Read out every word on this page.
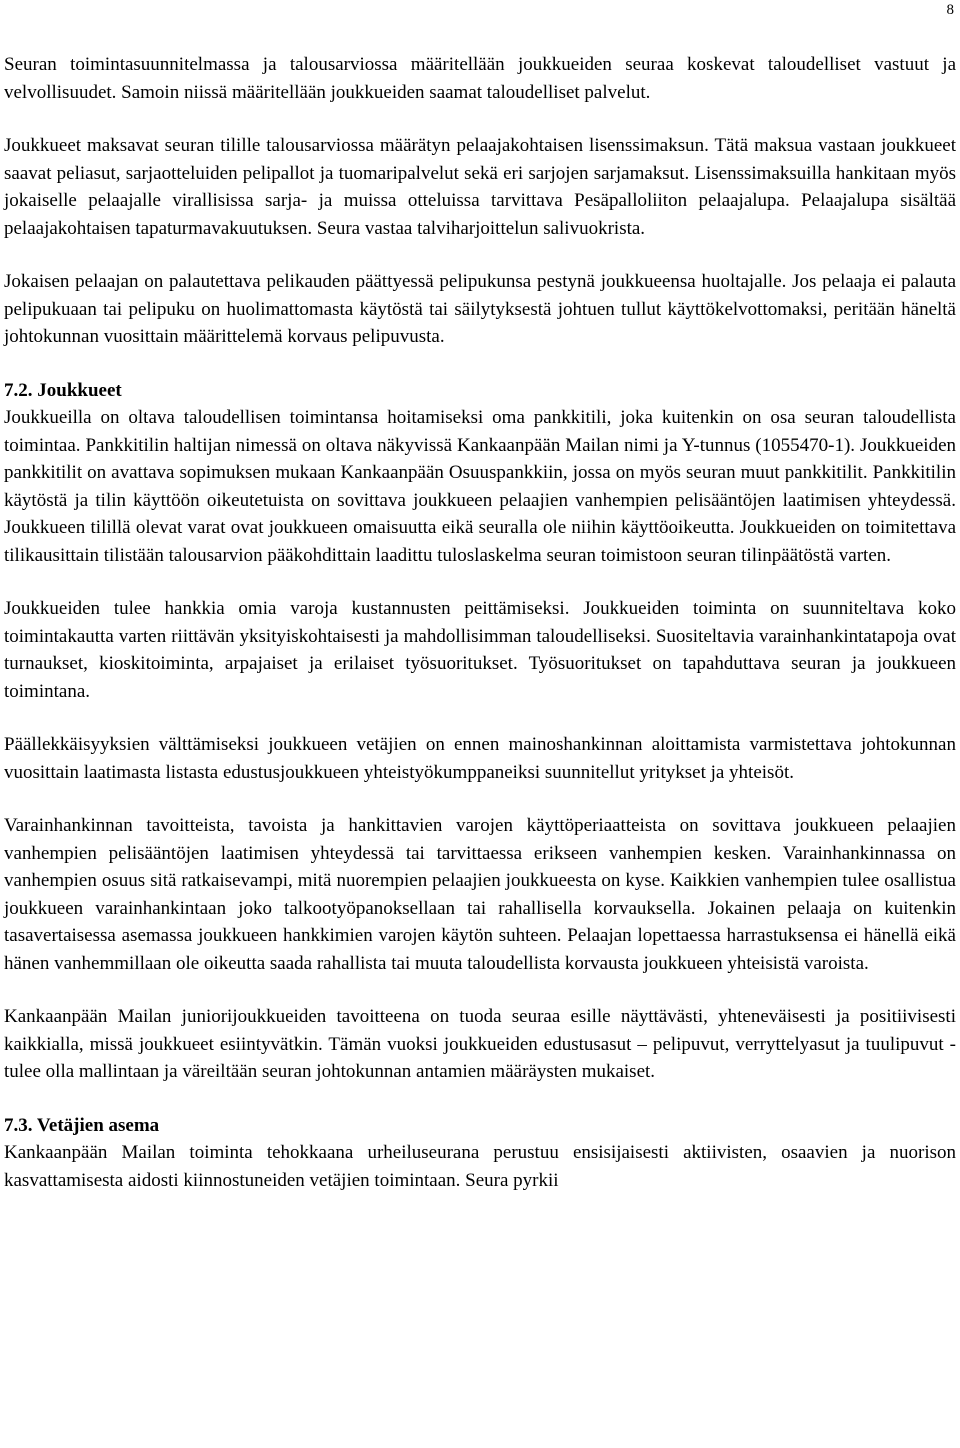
8

Seuran toimintasuunnitelmassa ja talousarviossa määritellään joukkueiden seuraa koskevat taloudelliset vastuut ja velvollisuudet. Samoin niissä määritellään joukkueiden saamat taloudelliset palvelut.

Joukkueet maksavat seuran tilille talousarviossa määrätyn pelaajakohtaisen lisenssimaksun. Tätä maksua vastaan joukkueet saavat peliasut, sarjaotteluiden pelipallot ja tuomaripalvelut sekä eri sarjojen sarjamaksut. Lisenssimaksuilla hankitaan myös jokaiselle pelaajalle virallisissa sarja- ja muissa otteluissa tarvittava Pesäpalloliiton pelaajalupa. Pelaajalupa sisältää pelaajakohtaisen tapaturmavakuutuksen. Seura vastaa talviharjoittelun salivuokrista.

Jokaisen pelaajan on palautettava pelikauden päättyessä pelipukunsa pestynä joukkueensa huoltajalle. Jos pelaaja ei palauta pelipukuaan tai pelipuku on huolimattomasta käytöstä tai säilytyksestä johtuen tullut käyttökelvottomaksi, peritään häneltä johtokunnan vuosittain määrittelemä korvaus pelipuvusta.

7.2. Joukkueet

Joukkueilla on oltava taloudellisen toimintansa hoitamiseksi oma pankkitili, joka kuitenkin on osa seuran taloudellista toimintaa. Pankkitilin haltijan nimessä on oltava näkyvissä Kankaanpään Mailan nimi ja Y-tunnus (1055470-1). Joukkueiden pankkitilit on avattava sopimuksen mukaan Kankaanpään Osuuspankkiin, jossa on myös seuran muut pankkitilit. Pankkitilin käytöstä ja tilin käyttöön oikeutetuista on sovittava joukkueen pelaajien vanhempien pelisääntöjen laatimisen yhteydessä. Joukkueen tilillä olevat varat ovat joukkueen omaisuutta eikä seuralla ole niihin käyttöoikeutta. Joukkueiden on toimitettava tilikausittain tilistään talousarvion pääkohdittain laadittu tuloslaskelma seuran toimistoon seuran tilinpäätöstä varten.

Joukkueiden tulee hankkia omia varoja kustannusten peittämiseksi. Joukkueiden toiminta on suunniteltava koko toimintakautta varten riittävän yksityiskohtaisesti ja mahdollisimman taloudelliseksi. Suositeltavia varainhankintatapoja ovat turnaukset, kioskitoiminta, arpajaiset ja erilaiset työsuoritukset. Työsuoritukset on tapahduttava seuran ja joukkueen toimintana.

Päällekkäisyyksien välttämiseksi joukkueen vetäjien on ennen mainoshankinnan aloittamista varmistettava johtokunnan vuosittain laatimasta listasta edustusjoukkueen yhteistyökumppaneiksi suunnitellut yritykset ja yhteisöt.

Varainhankinnan tavoitteista, tavoista ja hankittavien varojen käyttöperiaatteista on sovittava joukkueen pelaajien vanhempien pelisääntöjen laatimisen yhteydessä tai tarvittaessa erikseen vanhempien kesken. Varainhankinnassa on vanhempien osuus sitä ratkaisevampi, mitä nuorempien pelaajien joukkueesta on kyse. Kaikkien vanhempien tulee osallistua joukkueen varainhankintaan joko talkootyöpanoksellaan tai rahallisella korvauksella. Jokainen pelaaja on kuitenkin tasavertaisessa asemassa joukkueen hankkimien varojen käytön suhteen. Pelaajan lopettaessa harrastuksensa ei hänellä eikä hänen vanhemmillaan ole oikeutta saada rahallista tai muuta taloudellista korvausta joukkueen yhteisistä varoista.

Kankaanpään Mailan juniorijoukkueiden tavoitteena on tuoda seuraa esille näyttävästi, yhteneväisesti ja positiivisesti kaikkialla, missä joukkueet esiintyvätkin. Tämän vuoksi joukkueiden edustusasut – pelipuvut, verryttelyasut ja tuulipuvut - tulee olla mallintaan ja väreiltään seuran johtokunnan antamien määräysten mukaiset.

7.3. Vetäjien asema

Kankaanpään Mailan toiminta tehokkaana urheiluseurana perustuu ensisijaisesti aktiivisten, osaavien ja nuorison kasvattamisesta aidosti kiinnostuneiden vetäjien toimintaan. Seura pyrkii
